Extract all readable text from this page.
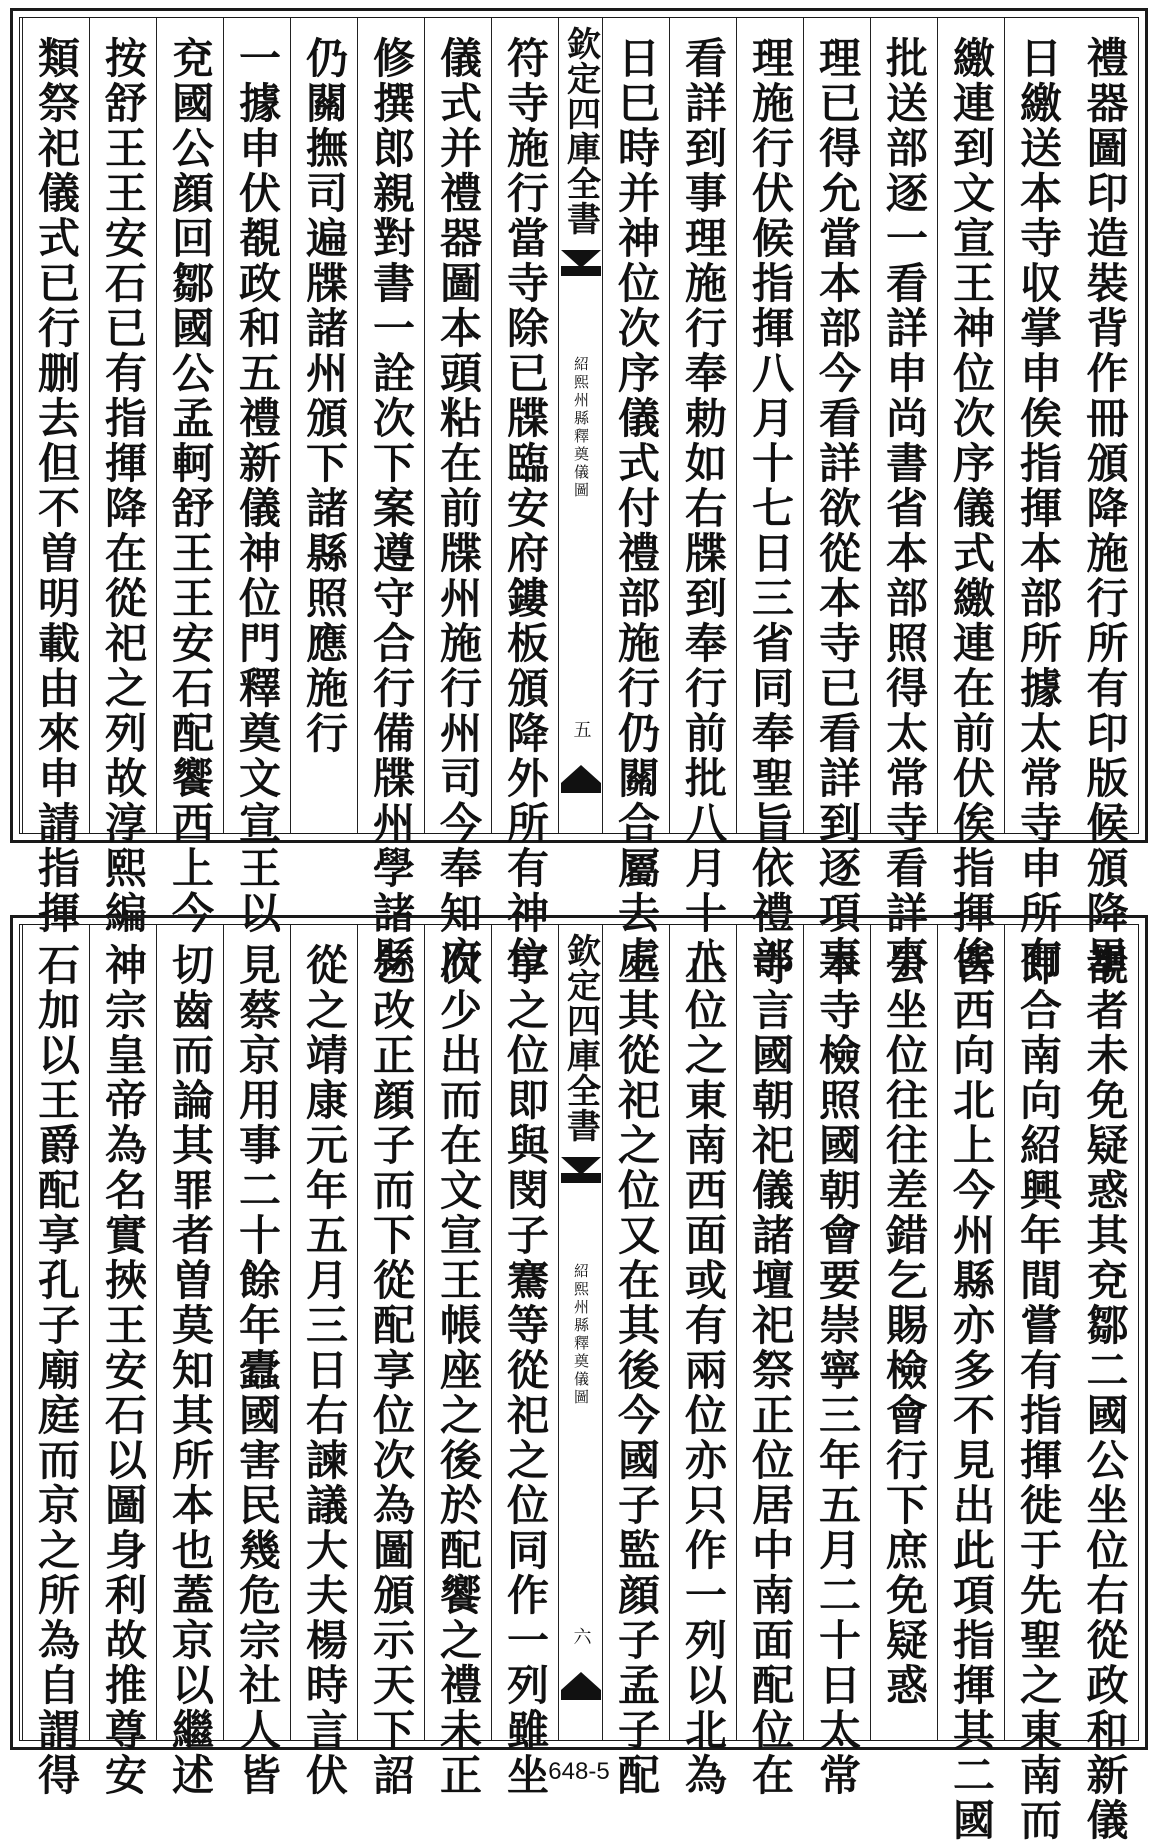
禮器圖印造裝背作冊頒降施行所有印版候頒降畢
日繳送本寺収掌申俟指揮本部所據太常寺申所有
繳連到文宣王神位次序儀式繳連在前伏俟指揮俟
批送部逐一看詳申尚書省本部照得太常寺看詳事
理已得允當本部今看詳欲從本寺已看詳到逐項事
理施行伏候指揮八月十七日三省同奉聖旨依禮部
看詳到事理施行奉勅如右牒到奉行前批八月十八
日巳時并神位次序儀式付禮部施行仍關合屬去處
欽定四庫全書
紹熙州縣釋奠儀圖
五
符寺施行當寺除已牒臨安府鏤板頒降外所有神位
儀式并禮器圖本頭粘在前牒州施行州司今奉知府
修撰郎親對書一詮次下案遵守合行備牒州學諸縣
仍關撫司遍牒諸州頒下諸縣照應施行
一據申伏覩政和五禮新儀神位門釋奠文宣王以
兗國公顔回鄒國公孟軻舒王王安石配饗西上今
按舒王王安石已有指揮降在從祀之列故淳熙編
類祭祀儀式已行删去但不曽明載由來申請指揮
覩者未免疑惑其兗鄒二國公坐位右從政和新儀
即合南向紹興年間嘗有指揮徙于先聖之東南而
皆西向北上今州縣亦多不見出此項指揮其二國
公坐位往往差錯乞賜檢會行下庶免疑惑
本寺檢照國朝會要崇寧三年五月二十日太常
寺言國朝祀儀諸壇祀祭正位居中南面配位在
正位之東南西面或有兩位亦只作一列以北為
上其從祀之位又在其後今國子監顔子孟子配
欽定四庫全書
紹熙州縣釋奠儀圖
六
享之位即與閔子騫等從祀之位同作一列雖坐
次少出而在文宣王帳座之後於配饗之禮未正
乞改正顔子而下從配享位次為圖頒示天下詔
從之靖康元年五月三日右諫議大夫楊時言伏
見蔡京用事二十餘年蠹國害民幾危宗社人皆
切齒而論其罪者曽莫知其所本也蓋京以繼述
神宗皇帝為名實挾王安石以圖身利故推尊安
石加以王爵配享孔子廟庭而京之所為自謂得	648-5
